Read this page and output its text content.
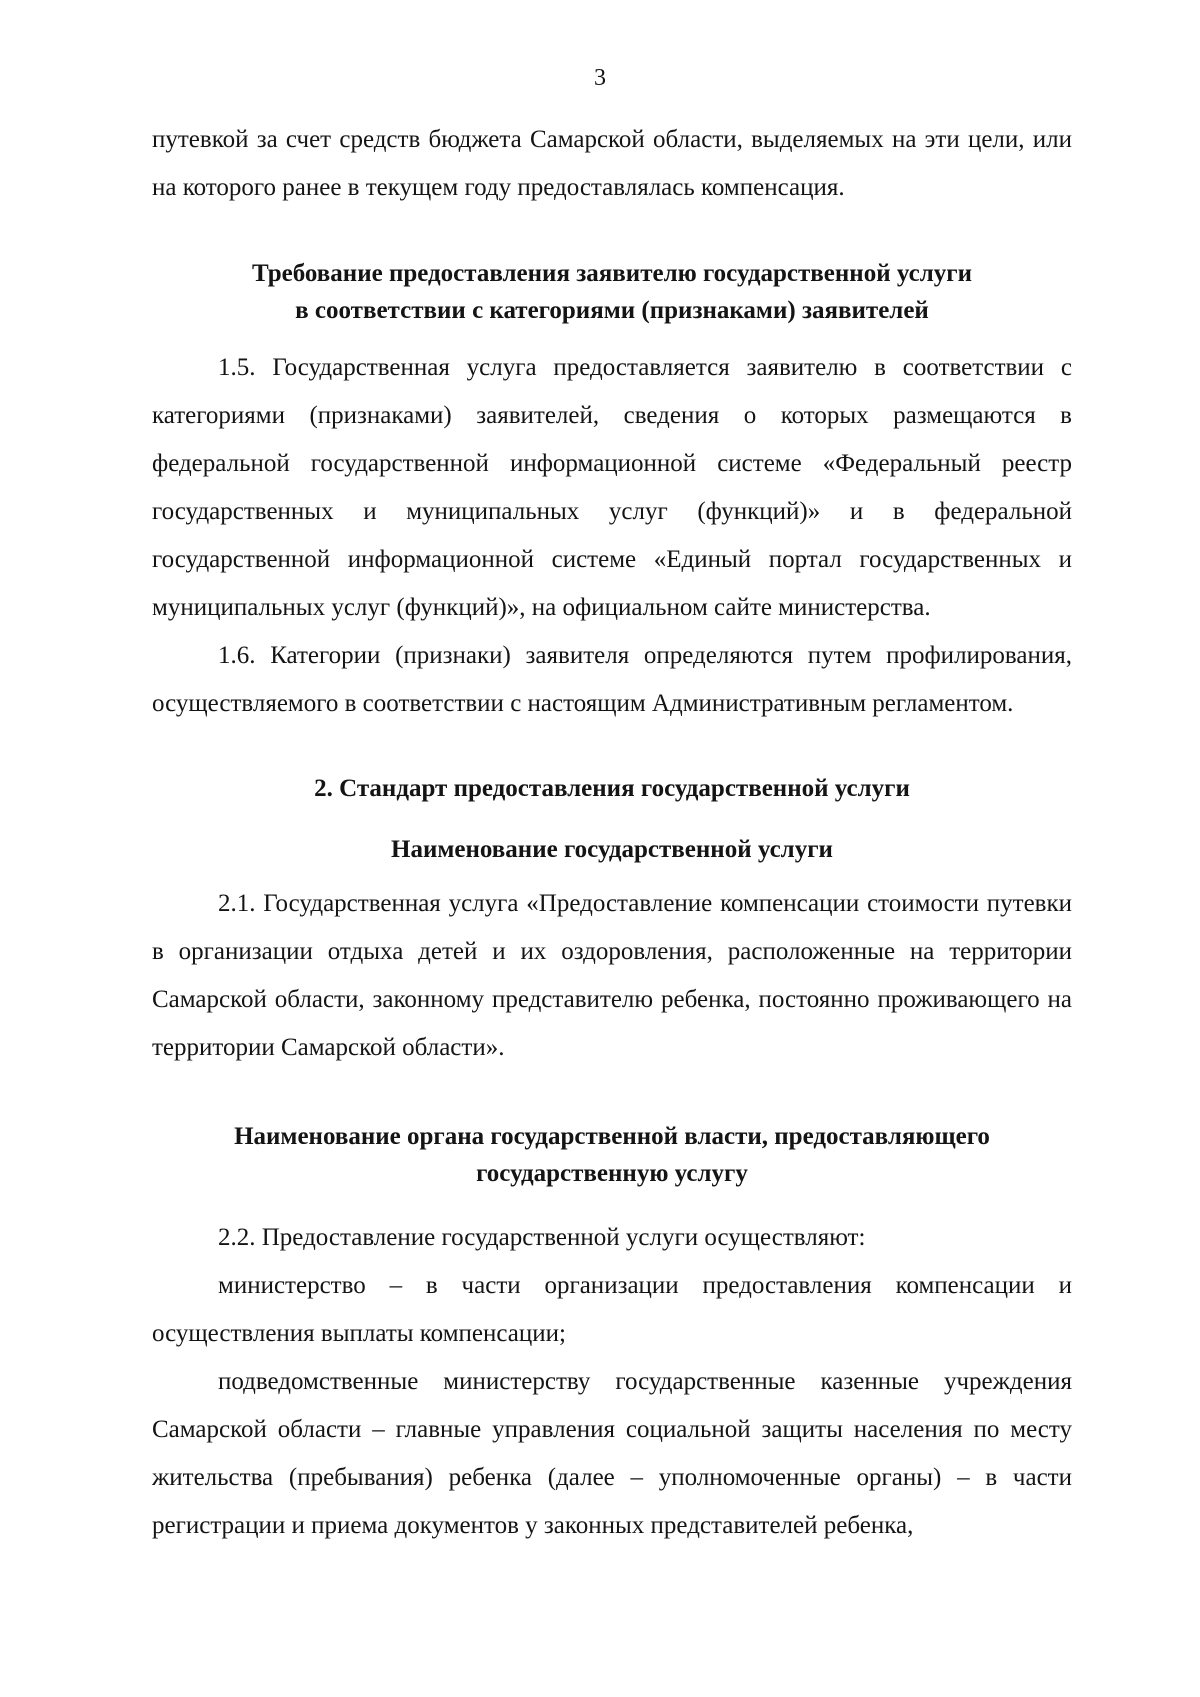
3

путевкой за счет средств бюджета Самарской области, выделяемых на эти цели, или на которого ранее в текущем году предоставлялась компенсация.

Требование предоставления заявителю государственной услуги
в соответствии с категориями (признаками) заявителей

1.5. Государственная услуга предоставляется заявителю в соответствии с категориями (признаками) заявителей, сведения о которых размещаются в федеральной государственной информационной системе «Федеральный реестр государственных и муниципальных услуг (функций)» и в федеральной государственной информационной системе «Единый портал государственных и муниципальных услуг (функций)», на официальном сайте министерства.

1.6. Категории (признаки) заявителя определяются путем профилирования, осуществляемого в соответствии с настоящим Административным регламентом.

2. Стандарт предоставления государственной услуги
Наименование государственной услуги

2.1. Государственная услуга «Предоставление компенсации стоимости путевки в организации отдыха детей и их оздоровления, расположенные на территории Самарской области, законному представителю ребенка, постоянно проживающего на территории Самарской области».

Наименование органа государственной власти, предоставляющего
государственную услугу

2.2. Предоставление государственной услуги осуществляют:

министерство – в части организации предоставления компенсации и осуществления выплаты компенсации;

подведомственные министерству государственные казенные учреждения Самарской области – главные управления социальной защиты населения по месту жительства (пребывания) ребенка (далее – уполномоченные органы) – в части регистрации и приема документов у законных представителей ребенка,
